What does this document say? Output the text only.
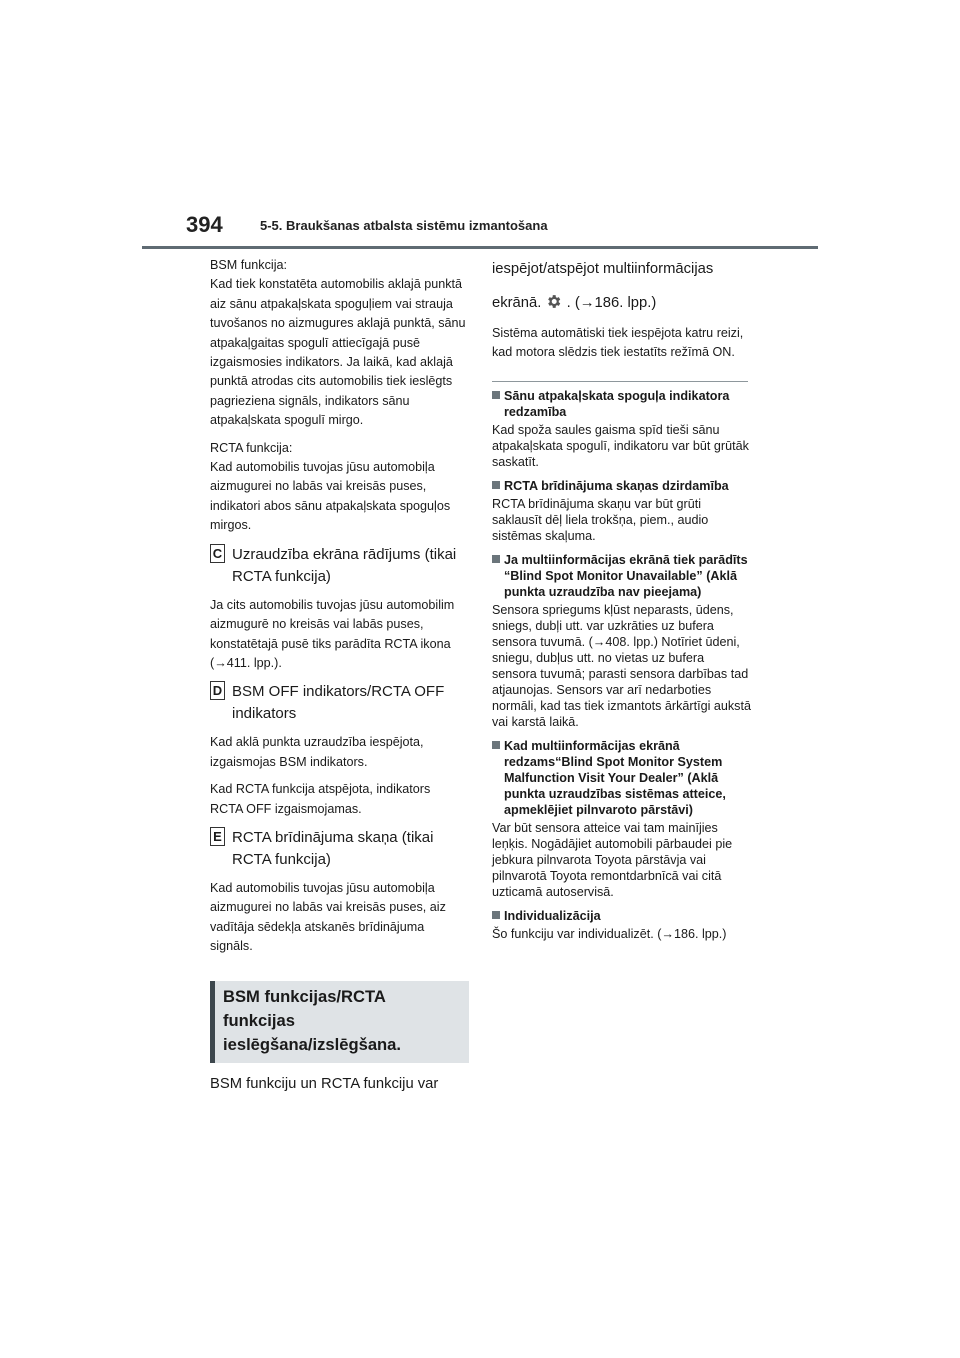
394	5-5. Braukšanas atbalsta sistēmu izmantošana

BSM funkcija:
Kad tiek konstatēta automobilis aklajā punktā aiz sānu atpakaļskata spoguļiem vai strauja tuvošanos no aizmugures aklajā punktā, sānu atpakaļgaitas spogulī attiecīgajā pusē izgaismosies indikators. Ja laikā, kad aklajā punktā atrodas cits automobilis tiek ieslēgts pagrieziena signāls, indikators sānu atpakaļskata spogulī mirgo.

RCTA funkcija:
Kad automobilis tuvojas jūsu automobiļa aizmugurei no labās vai kreisās puses, indikatori abos sānu atpakaļskata spoguļos mirgos.

C Uzraudzība ekrāna rādījums (tikai RCTA funkcija)

Ja cits automobilis tuvojas jūsu automobilim aizmugurē no kreisās vai labās puses, konstatētajā pusē tiks parādīta RCTA ikona (→411. lpp.).

D BSM OFF indikators/RCTA OFF indikators

Kad aklā punkta uzraudzība iespējota, izgaismojas BSM indikators.

Kad RCTA funkcija atspējota, indikators RCTA OFF izgaismojamas.

E RCTA brīdinājuma skaņa (tikai RCTA funkcija)

Kad automobilis tuvojas jūsu automobiļa aizmugurei no labās vai kreisās puses, aiz vadītāja sēdekļa atskanēs brīdinājuma signāls.

BSM funkcijas/RCTA funkcijas ieslēgšana/izslēgšana.

BSM funkciju un RCTA funkciju var

iespējot/atspējot multiinformācijas

ekrānā. . (→186. lpp.)

Sistēma automātiski tiek iespējota katru reizi, kad motora slēdzis tiek iestatīts režīmā ON.

Sānu atpakaļskata spoguļa indikatora redzamība
Kad spoža saules gaisma spīd tieši sānu atpakaļskata spogulī, indikatoru var būt grūtāk saskatīt.
RCTA brīdinājuma skaņas dzirdamība
RCTA brīdinājuma skaņu var būt grūti saklausīt dēļ liela trokšņa, piem., audio sistēmas skaļuma.
Ja multiinformācijas ekrānā tiek parādīts “Blind Spot Monitor Unavailable” (Aklā punkta uzraudzība nav pieejama)
Sensora spriegums kļūst neparasts, ūdens, sniegs, dubļi utt. var uzkrāties uz bufera sensora tuvumā. (→408. lpp.) Notīriet ūdeni, sniegu, dubļus utt. no vietas uz bufera sensora tuvumā; parasti sensora darbības tad atjaunojas. Sensors var arī nedarboties normāli, kad tas tiek izmantots ārkārtīgi aukstā vai karstā laikā.
Kad multiinformācijas ekrānā redzams“Blind Spot Monitor System Malfunction Visit Your Dealer” (Aklā punkta uzraudzības sistēmas atteice, apmeklējiet pilnvaroto pārstāvi)
Var būt sensora atteice vai tam mainījies leņķis. Nogādājiet automobili pārbaudei pie jebkura pilnvarota Toyota pārstāvja vai pilnvarotā Toyota remontdarbnīcā vai citā uzticamā autoservisā.
Individualizācija
Šo funkciju var individualizēt. (→186. lpp.)
